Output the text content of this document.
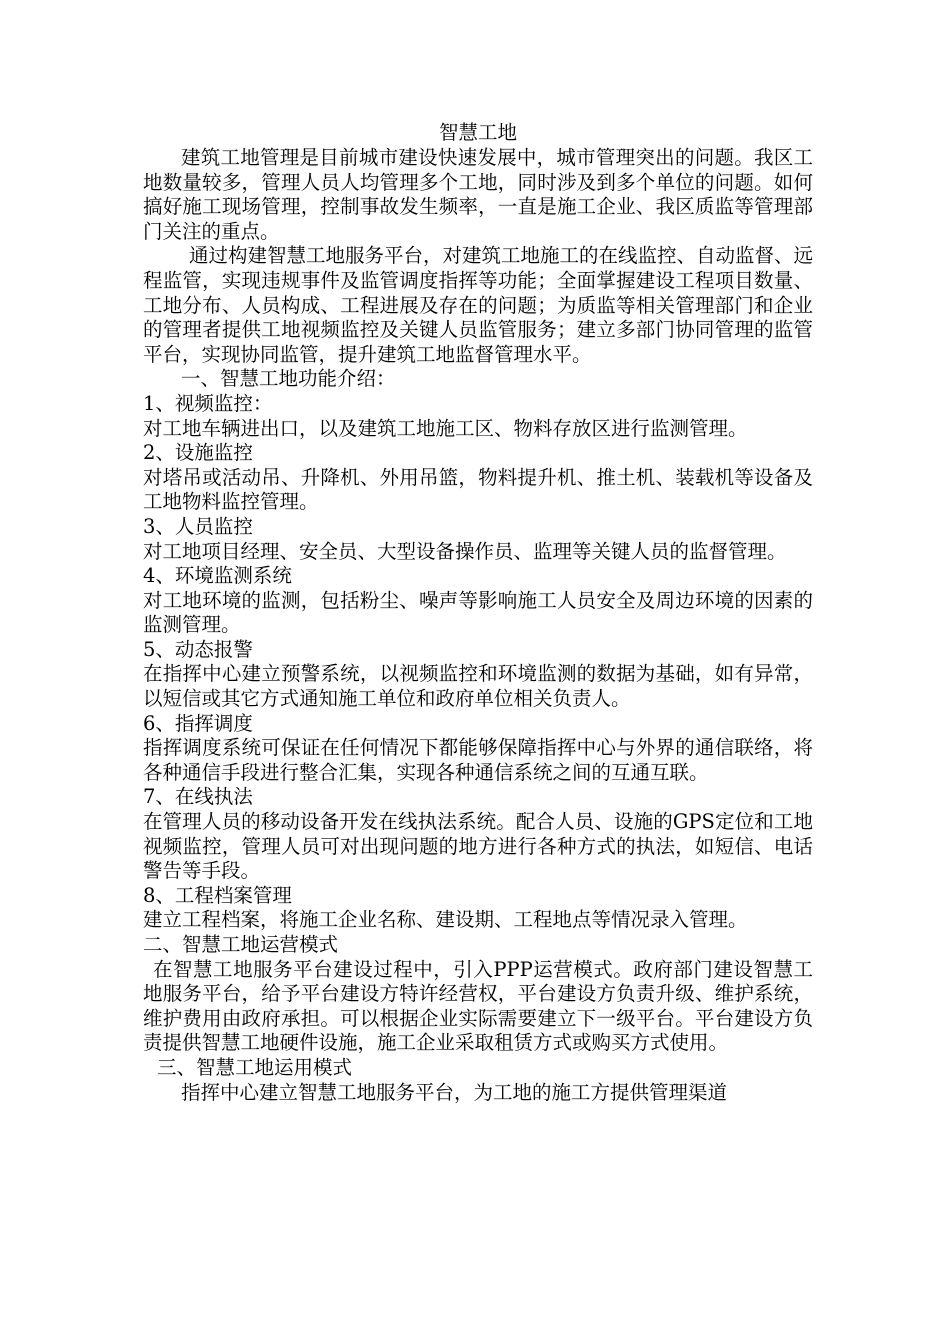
智慧工地

建筑工地管理是目前城市建设快速发展中，城市管理突出的问题。我区工地数量较多，管理人员人均管理多个工地，同时涉及到多个单位的问题。如何搞好施工现场管理，控制事故发生频率，一直是施工企业、我区质监等管理部门关注的重点。

通过构建智慧工地服务平台，对建筑工地施工的在线监控、自动监督、远程监管，实现违规事件及监管调度指挥等功能；全面掌握建设工程项目数量、工地分布、人员构成、工程进展及存在的问题；为质监等相关管理部门和企业的管理者提供工地视频监控及关键人员监管服务；建立多部门协同管理的监管平台，实现协同监管，提升建筑工地监督管理水平。

一、智慧工地功能介绍：

1、视频监控：

对工地车辆进出口，以及建筑工地施工区、物料存放区进行监测管理。

2、设施监控

对塔吊或活动吊、升降机、外用吊篮，物料提升机、推土机、装载机等设备及工地物料监控管理。

3、人员监控

对工地项目经理、安全员、大型设备操作员、监理等关键人员的监督管理。

4、环境监测系统

对工地环境的监测，包括粉尘、噪声等影响施工人员安全及周边环境的因素的监测管理。

5、动态报警

在指挥中心建立预警系统，以视频监控和环境监测的数据为基础，如有异常，以短信或其它方式通知施工单位和政府单位相关负责人。

6、指挥调度

指挥调度系统可保证在任何情况下都能够保障指挥中心与外界的通信联络，将各种通信手段进行整合汇集，实现各种通信系统之间的互通互联。

7、在线执法

在管理人员的移动设备开发在线执法系统。配合人员、设施的GPS定位和工地视频监控，管理人员可对出现问题的地方进行各种方式的执法，如短信、电话警告等手段。

8、工程档案管理

建立工程档案，将施工企业名称、建设期、工程地点等情况录入管理。

二、智慧工地运营模式

在智慧工地服务平台建设过程中，引入PPP运营模式。政府部门建设智慧工地服务平台，给予平台建设方特许经营权，平台建设方负责升级、维护系统，维护费用由政府承担。可以根据企业实际需要建立下一级平台。平台建设方负责提供智慧工地硬件设施，施工企业采取租赁方式或购买方式使用。

三、智慧工地运用模式

指挥中心建立智慧工地服务平台，为工地的施工方提供管理渠道
